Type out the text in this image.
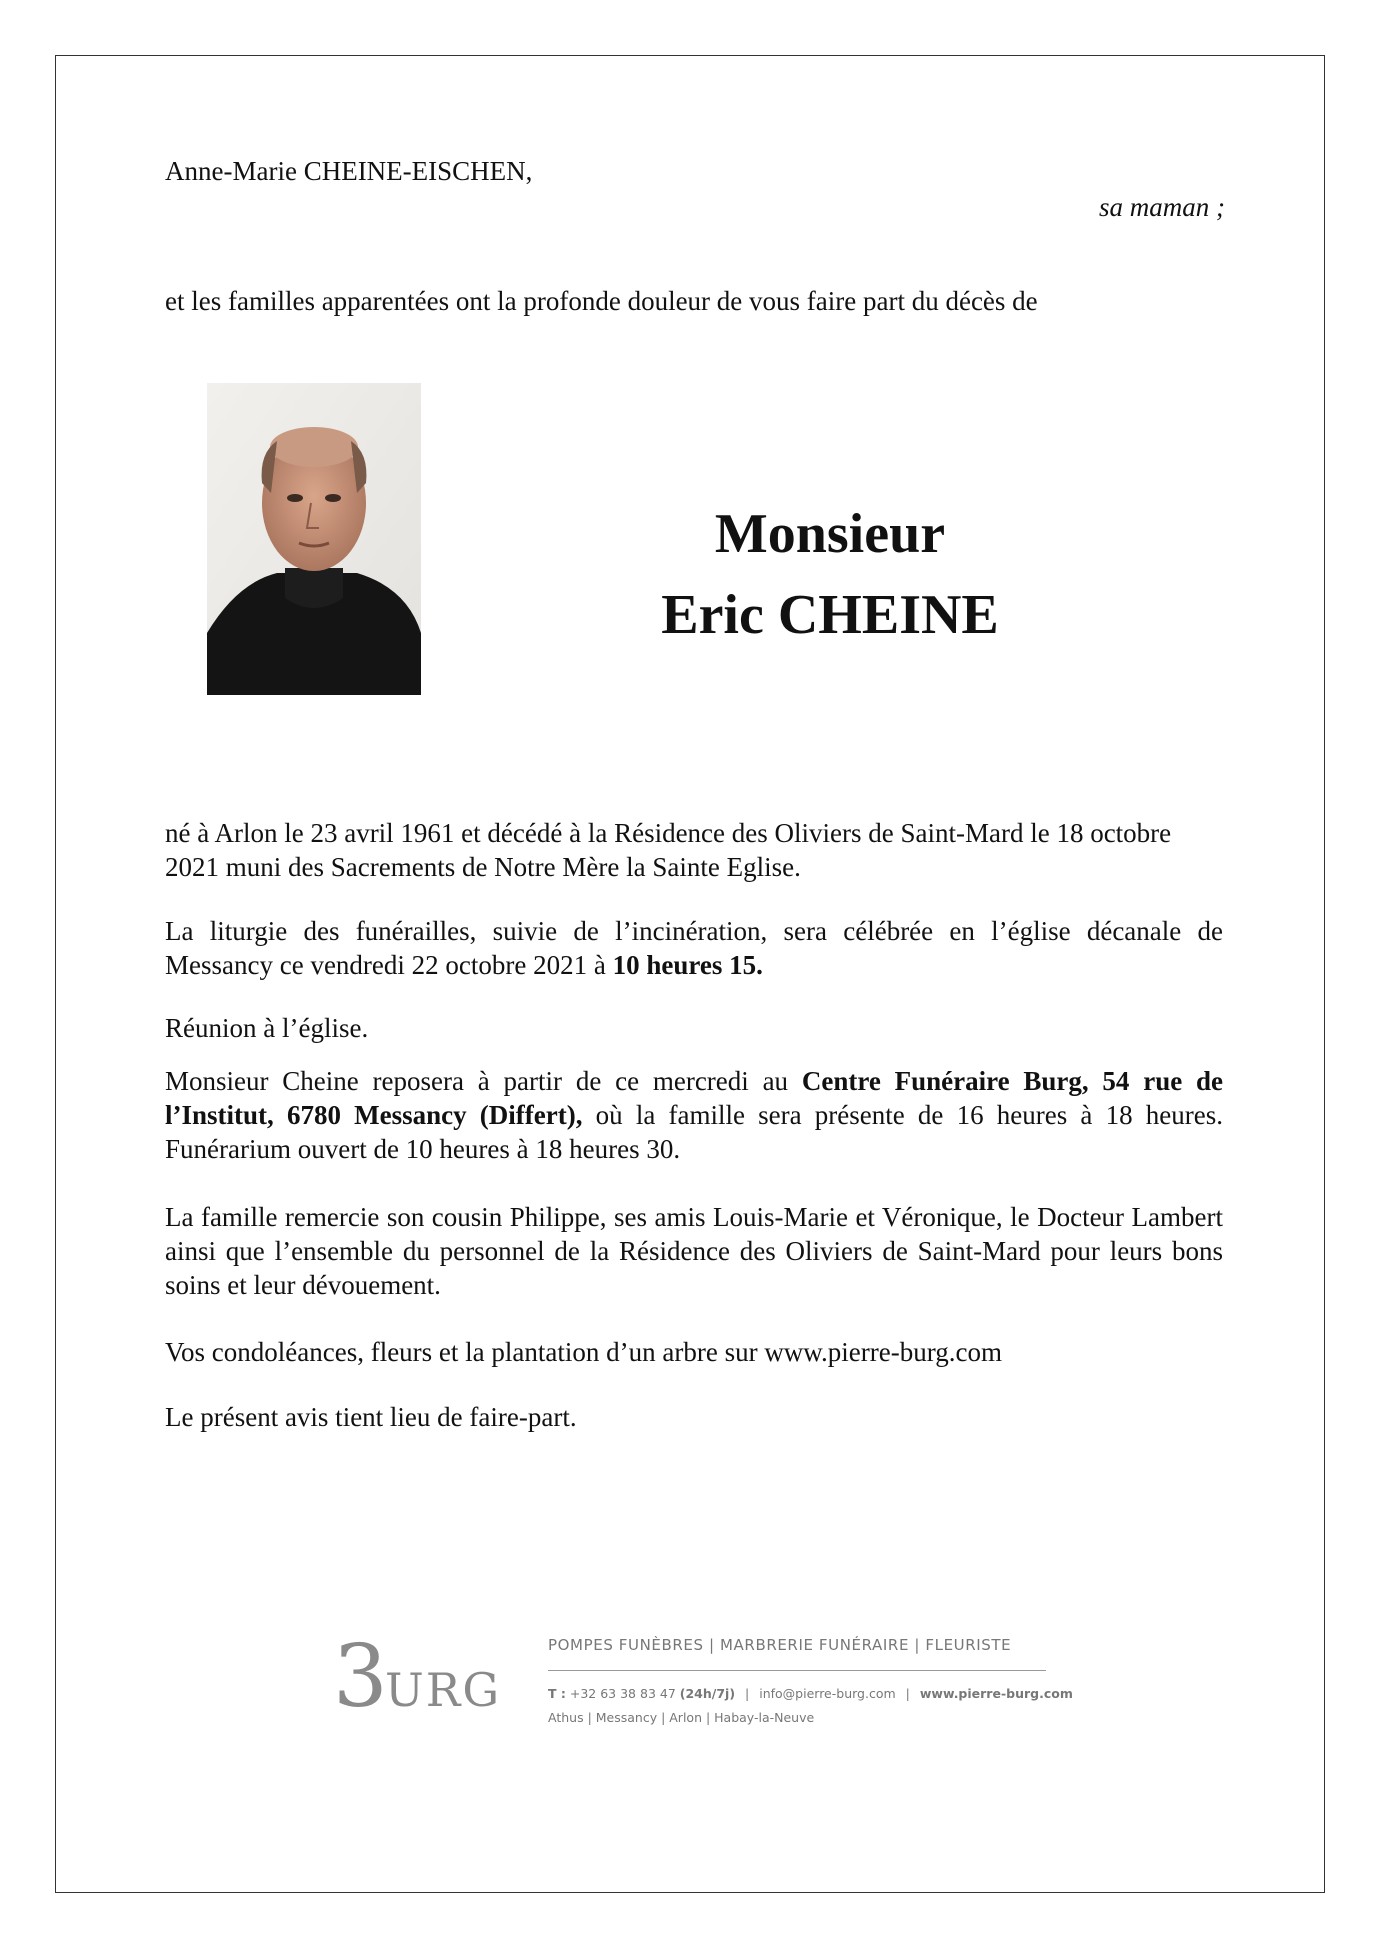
Anne-Marie CHEINE-EISCHEN,
sa maman ;
et les familles apparentées ont la profonde douleur de vous faire part du décès de
Monsieur
Eric CHEINE
né à Arlon le 23 avril 1961 et décédé à la Résidence des Oliviers de Saint-Mard le 18 octobre 2021 muni des Sacrements de Notre Mère la Sainte Eglise.
La liturgie des funérailles, suivie de l’incinération, sera célébrée en l’église décanale de Messancy ce vendredi 22 octobre 2021 à 10 heures 15.
Réunion à l’église.
Monsieur Cheine reposera à partir de ce mercredi au Centre Funéraire Burg, 54 rue de l’Institut, 6780 Messancy (Differt), où la famille sera présente de 16 heures à 18 heures. Funérarium ouvert de 10 heures à 18 heures 30.
La famille remercie son cousin Philippe, ses amis Louis-Marie et Véronique, le Docteur Lambert ainsi que l’ensemble du personnel de la Résidence des Oliviers de Saint-Mard pour leurs bons soins et leur dévouement.
Vos condoléances, fleurs et la plantation d’un arbre sur www.pierre-burg.com
Le présent avis tient lieu de faire-part.
3
URG
POMPES FUNÈBRES | MARBRERIE FUNÉRAIRE | FLEURISTE
T : +32 63 38 83 47 (24h/7j) | info@pierre-burg.com | www.pierre-burg.com
Athus | Messancy | Arlon | Habay-la-Neuve
